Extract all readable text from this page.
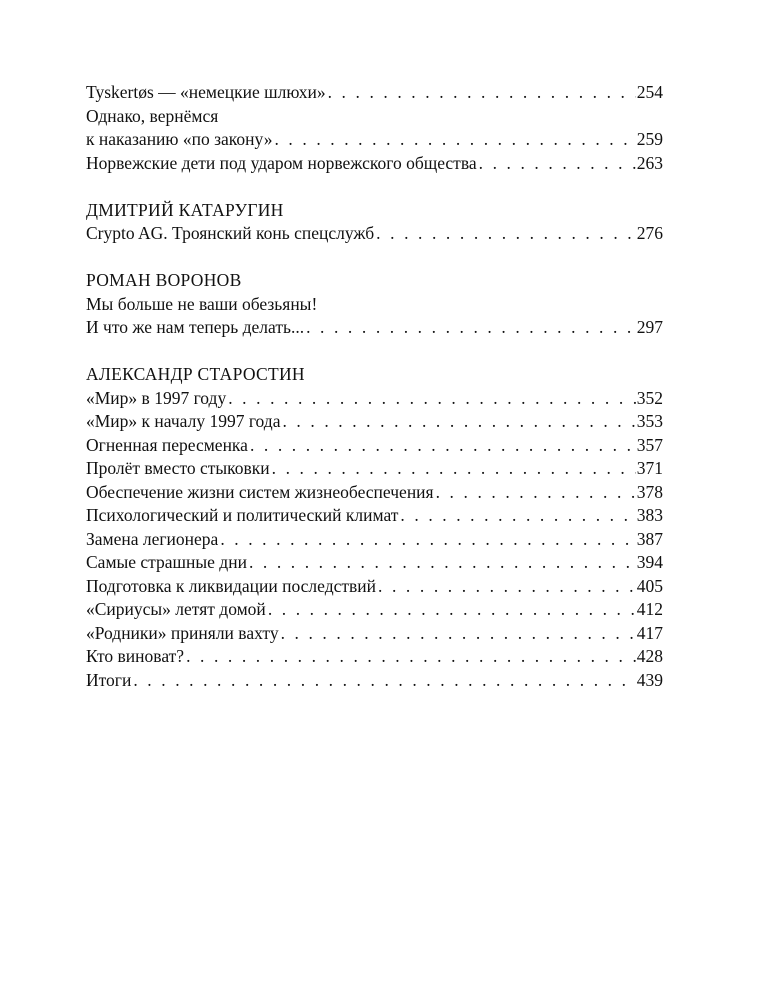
Tyskertøs — «немецкие шлюхи» . . .	254
Однако, вернёмся
к наказанию «по закону» . . .	259
Норвежские дети под ударом норвежского общества . . .	263
ДМИТРИЙ КАТАРУГИН
Crypto AG. Троянский конь спецслужб . . .	276
РОМАН ВОРОНОВ
Мы больше не ваши обезьяны!
И что же нам теперь делать... . . .	297
АЛЕКСАНДР СТАРОСТИН
«Мир» в 1997 году . . .	352
«Мир» к началу 1997 года . . .	353
Огненная пересменка . . .	357
Пролёт вместо стыковки . . .	371
Обеспечение жизни систем жизнеобеспечения . . .	378
Психологический и политический климат . . .	383
Замена легионера . . .	387
Самые страшные дни . . .	394
Подготовка к ликвидации последствий . . .	405
«Сириусы» летят домой . . .	412
«Родники» приняли вахту . . .	417
Кто виноват? . . .	428
Итоги . . .	439
